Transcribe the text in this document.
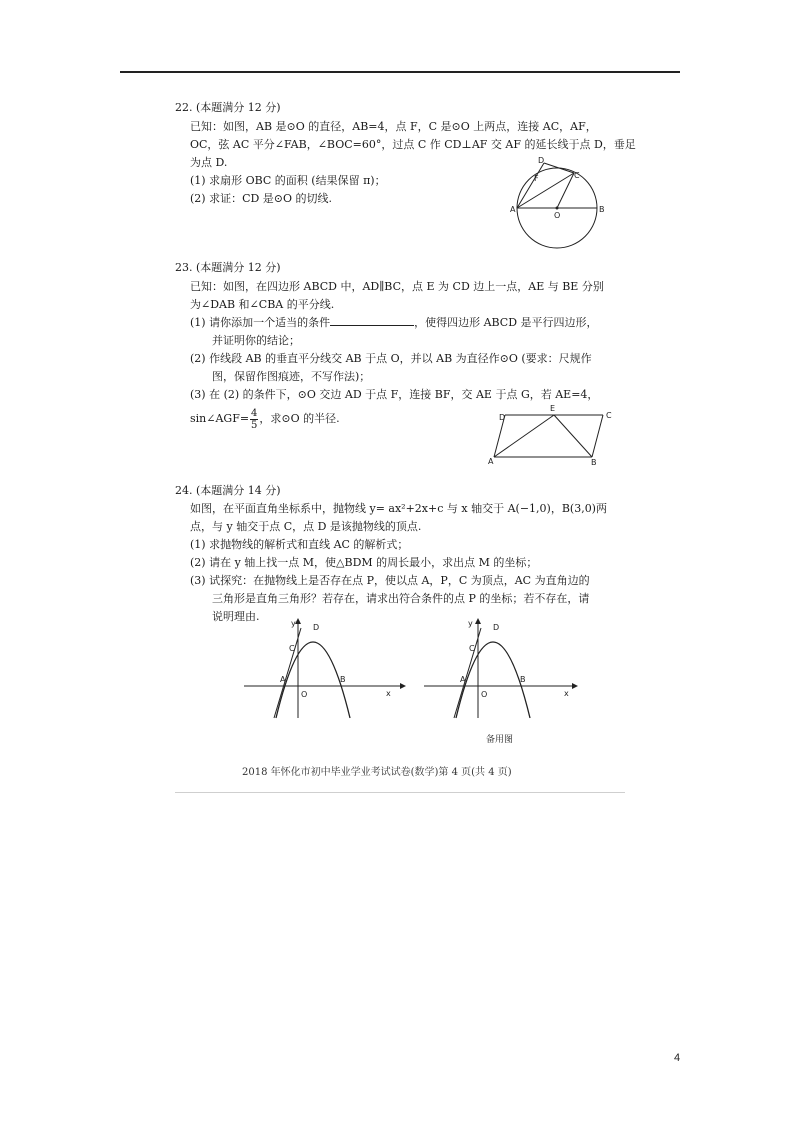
22. (本题满分 12 分)
已知：如图，AB 是⊙O 的直径，AB=4，点 F，C 是⊙O 上两点，连接 AC，AF，
OC，弦 AC 平分∠FAB，∠BOC=60°，过点 C 作 CD⊥AF 交 AF 的延长线于点 D，垂足
为点 D.
(1) 求扇形 OBC 的面积 (结果保留 π)；
(2) 求证：CD 是⊙O 的切线.
D
F	C
A
O
B
23. (本题满分 12 分)
已知：如图，在四边形 ABCD 中，AD∥BC，点 E 为 CD 边上一点，AE 与 BE 分别
为∠DAB 和∠CBA 的平分线.
(1) 请你添加一个适当的条件	，使得四边形 ABCD 是平行四边形，
并证明你的结论；
(2) 作线段 AB 的垂直平分线交 AB 于点 O，并以 AB 为直径作⊙O (要求：尺规作
图，保留作图痕迹，不写作法)；
(3) 在 (2) 的条件下，⊙O 交边 AD 于点 F，连接 BF，交 AE 于点 G，若 AE=4，
sin∠AGF= $\frac{4}{5}$ ，求⊙O 的半径.	D
E
C
A	B
24. (本题满分 14 分)
如图，在平面直角坐标系中，抛物线 y= ax²+2x+c 与 x 轴交于 A(−1,0)，B(3,0)两
点，与 y 轴交于点 C，点 D 是该抛物线的顶点.
(1) 求抛物线的解析式和直线 AC 的解析式；
(2) 请在 y 轴上找一点 M，使△BDM 的周长最小，求出点 M 的坐标；
(3) 试探究：在抛物线上是否存在点 P，使以点 A，P，C 为顶点，AC 为直角边的
三角形是直角三角形？若存在，请求出符合条件的点 P 的坐标；若不存在，请
说明理由.
y D
C
A
O
B
x
y	D
C
A
O
B
x
备用图
2018 年怀化市初中毕业学业考试试卷(数学)第 4 页(共 4 页)
4
